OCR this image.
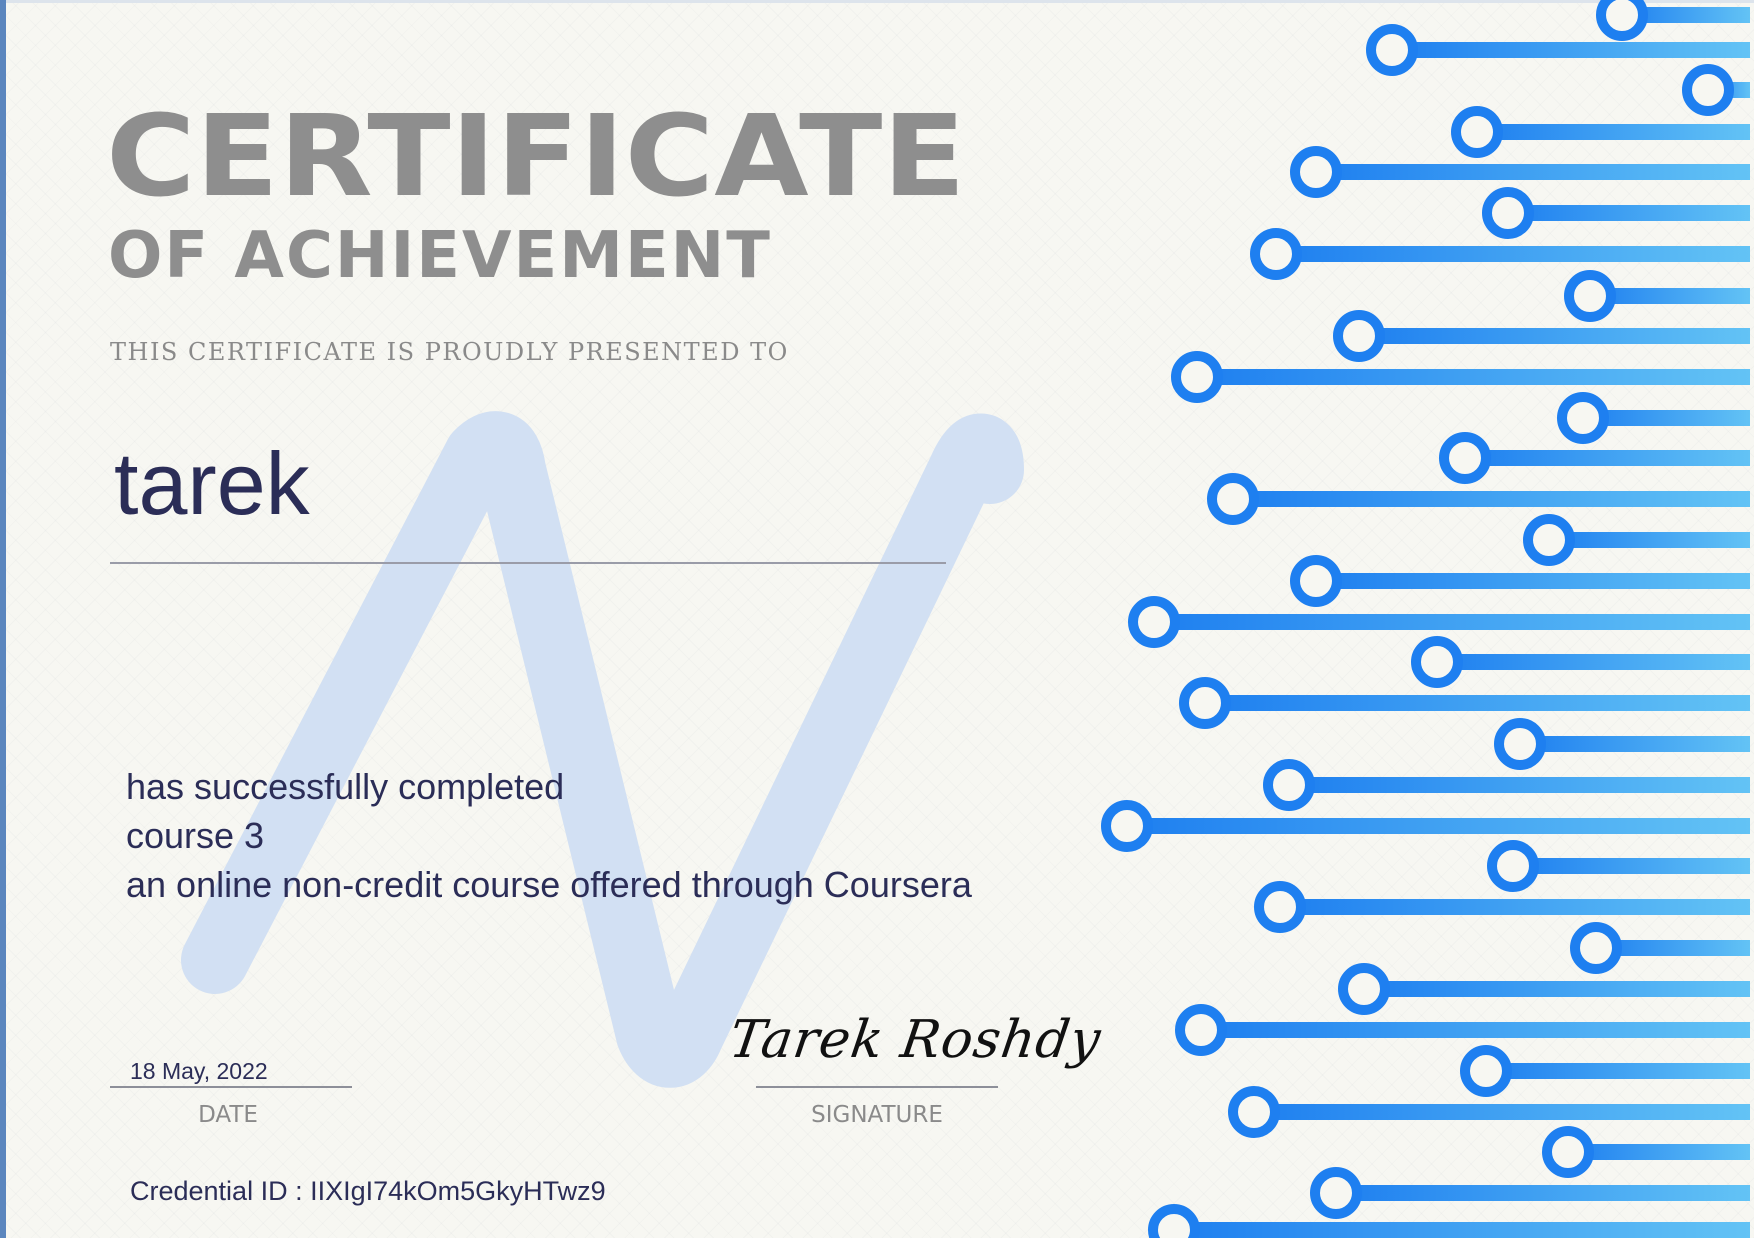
CERTIFICATE
OF ACHIEVEMENT
THIS CERTIFICATE IS PROUDLY PRESENTED TO
tarek
has successfully completed
course 3
an online non-credit course offered through Coursera
18 May, 2022
DATE
Tarek Roshdy
SIGNATURE
Credential ID : IIXIgI74kOm5GkyHTwz9
